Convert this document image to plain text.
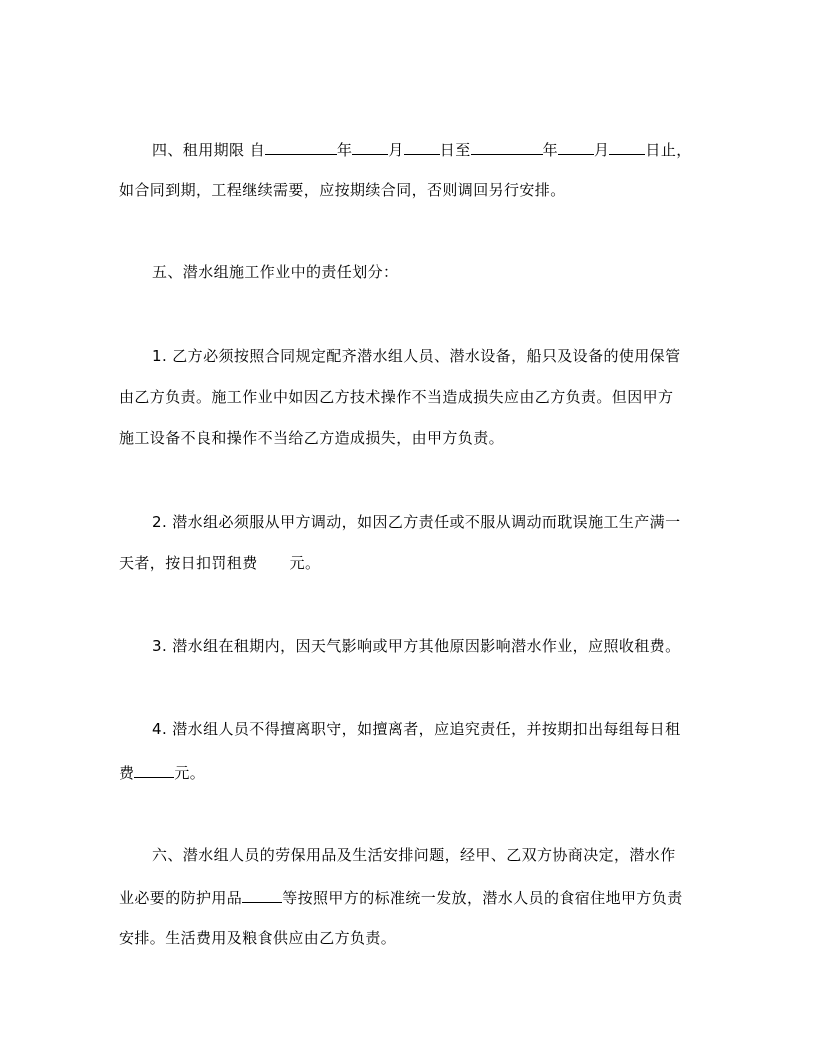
四、租用期限 自	年 月 日至	年 月 日止，
如合同到期，工程继续需要，应按期续合同，否则调回另行安排。
五、潜水组施工作业中的责任划分：
1. 乙方必须按照合同规定配齐潜水组人员、潜水设备，船只及设备的使用保管
由乙方负责。施工作业中如因乙方技术操作不当造成损失应由乙方负责。但因甲方
施工设备不良和操作不当给乙方造成损失，由甲方负责。
2. 潜水组必须服从甲方调动，如因乙方责任或不服从调动而耽误施工生产满一
天者，按日扣罚租费 元。
3. 潜水组在租期内，因天气影响或甲方其他原因影响潜水作业，应照收租费。
4. 潜水组人员不得擅离职守，如擅离者，应追究责任，并按期扣出每组每日租
费	元。
六、潜水组人员的劳保用品及生活安排问题，经甲、乙双方协商决定，潜水作
业必要的防护用品	等按照甲方的标准统一发放，潜水人员的食宿住地甲方负责
安排。生活费用及粮食供应由乙方负责。
